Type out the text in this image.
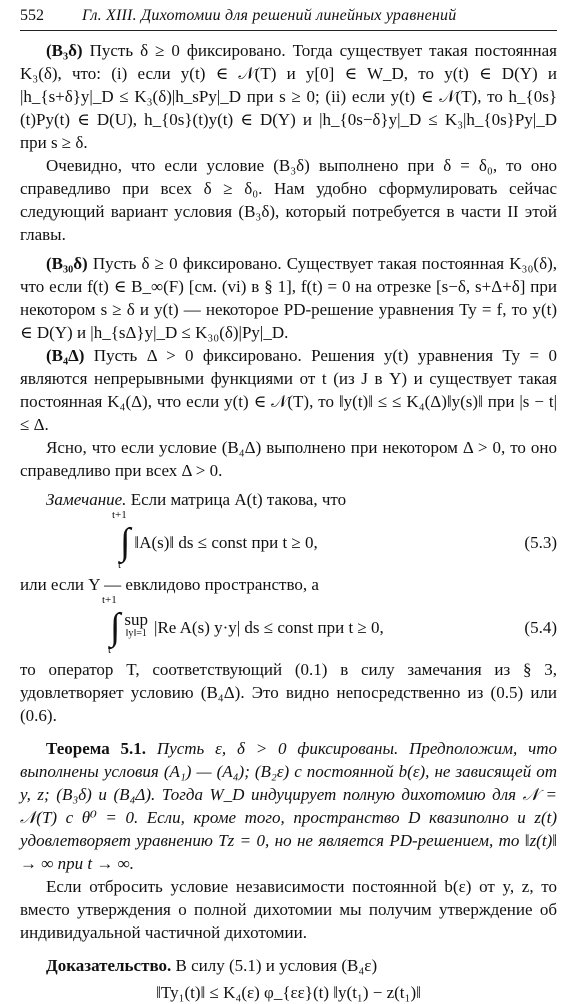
552	Гл. XIII. Дихотомии для решений линейных уравнений

(B₃δ) Пусть δ ≥ 0 фиксировано. Тогда существует такая постоянная K₃(δ), что: (i) если y(t) ∈ 𝒩(T) и y[0] ∈ W_D, то y(t) ∈ D(Y) и |h_{s+δ}y|_D ≤ K₃(δ)|h_sPy|_D при s ≥ 0; (ii) если y(t) ∈ 𝒩(T), то h_{0s}(t)Py(t) ∈ D(U), h_{0s}(t)y(t) ∈ D(Y) и |h_{0s−δ}y|_D ≤ K₃|h_{0s}Py|_D при s ≥ δ.

Очевидно, что если условие (B₃δ) выполнено при δ = δ₀, то оно справедливо при всех δ ≥ δ₀. Нам удобно сформулировать сейчас следующий вариант условия (B₃δ), который потребуется в части II этой главы.

(B₃₀δ) Пусть δ ≥ 0 фиксировано. Существует такая постоянная K₃₀(δ), что если f(t) ∈ B_∞(F) [см. (vi) в § 1], f(t) = 0 на отрезке [s−δ, s+Δ+δ] при некотором s ≥ δ и y(t) — некоторое PD-решение уравнения Ty = f, то y(t) ∈ D(Y) и |h_{sΔ}y|_D ≤ K₃₀(δ)|Py|_D.

(B₄Δ) Пусть Δ > 0 фиксировано. Решения y(t) уравнения Ty = 0 являются непрерывными функциями от t (из J в Y) и существует такая постоянная K₄(Δ), что если y(t) ∈ 𝒩(T), то ‖y(t)‖ ≤ ≤ K₄(Δ)‖y(s)‖ при |s − t| ≤ Δ.

Ясно, что если условие (B₄Δ) выполнено при некотором Δ > 0, то оно справедливо при всех Δ > 0.

Замечание. Если матрица A(t) такова, что

∫
t+1
t
‖A(s)‖ ds ≤ const при t ≥ 0,	(5.3)

или если Y — евклидово пространство, а

∫
t+1
t
sup
‖y‖=1 |Re A(s) y·y| ds ≤ const при t ≥ 0,	(5.4)

то оператор T, соответствующий (0.1) в силу замечания из § 3, удовлетворяет условию (B₄Δ). Это видно непосредственно из (0.5) или (0.6).

Теорема 5.1. Пусть ε, δ > 0 фиксированы. Предположим, что выполнены условия (A₁) — (A₄); (B₂ε) с постоянной b(ε), не зависящей от y, z; (B₃δ) и (B₄Δ). Тогда W_D индуцирует полную дихотомию для 𝒩 = 𝒩(T) с θ⁰ = 0. Если, кроме того, пространство D квазиполно и z(t) удовлетворяет уравнению Tz = 0, но не является PD-решением, то ‖z(t)‖ → ∞ при t → ∞.

Если отбросить условие независимости постоянной b(ε) от y, z, то вместо утверждения о полной дихотомии мы получим утверждение об индивидуальной частичной дихотомии.

Доказательство. В силу (5.1) и условия (B₄ε)

‖Ty₁(t)‖ ≤ K₄(ε) φ_{εε}(t) ‖y(t₁) − z(t₁)‖
